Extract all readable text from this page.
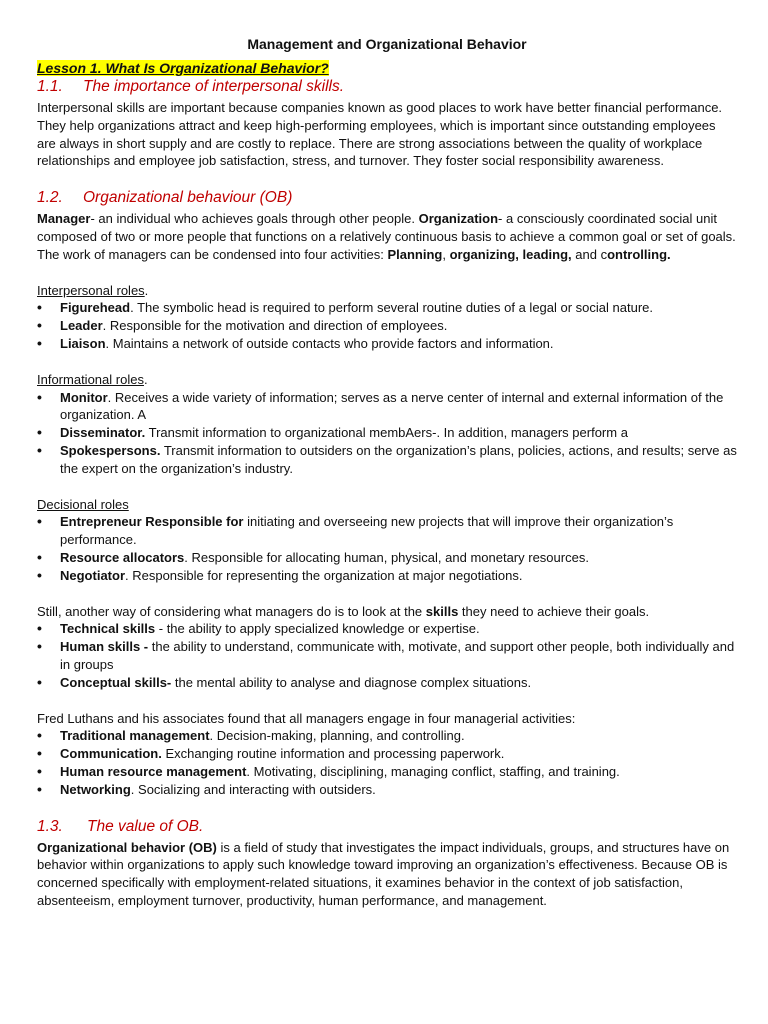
Management and Organizational Behavior

Lesson 1. What Is Organizational Behavior?

1.1. The importance of interpersonal skills.

Interpersonal skills are important because companies known as good places to work have better financial performance. They help organizations attract and keep high-performing employees, which is important since outstanding employees are always in short supply and are costly to replace. There are strong associations between the quality of workplace relationships and employee job satisfaction, stress, and turnover. They foster social responsibility awareness.

1.2. Organizational behaviour (OB)

Manager- an individual who achieves goals through other people. Organization- a consciously coordinated social unit composed of two or more people that functions on a relatively continuous basis to achieve a common goal or set of goals. The work of managers can be condensed into four activities: Planning, organizing, leading, and controlling.

Interpersonal roles.

• Figurehead. The symbolic head is required to perform several routine duties of a legal or social nature.
• Leader. Responsible for the motivation and direction of employees.
• Liaison. Maintains a network of outside contacts who provide factors and information.

Informational roles.

• Monitor. Receives a wide variety of information; serves as a nerve center of internal and external information of the organization. A
• Disseminator. Transmit information to organizational membAers-. In addition, managers perform a
• Spokespersons. Transmit information to outsiders on the organization’s plans, policies, actions, and results; serve as the expert on the organization’s industry.

Decisional roles

• Entrepreneur Responsible for initiating and overseeing new projects that will improve their organization’s performance.
• Resource allocators. Responsible for allocating human, physical, and monetary resources.
• Negotiator. Responsible for representing the organization at major negotiations.

Still, another way of considering what managers do is to look at the skills they need to achieve their goals.

• Technical skills - the ability to apply specialized knowledge or expertise.
• Human skills - the ability to understand, communicate with, motivate, and support other people, both individually and in groups
• Conceptual skills- the mental ability to analyse and diagnose complex situations.

Fred Luthans and his associates found that all managers engage in four managerial activities:

• Traditional management. Decision-making, planning, and controlling.
• Communication. Exchanging routine information and processing paperwork.
• Human resource management. Motivating, disciplining, managing conflict, staffing, and training.
• Networking. Socializing and interacting with outsiders.
1.3. The value of OB.

Organizational behavior (OB) is a field of study that investigates the impact individuals, groups, and structures have on behavior within organizations to apply such knowledge toward improving an organization’s effectiveness. Because OB is concerned specifically with employment-related situations, it examines behavior in the context of job satisfaction, absenteeism, employment turnover, productivity, human performance, and management.
